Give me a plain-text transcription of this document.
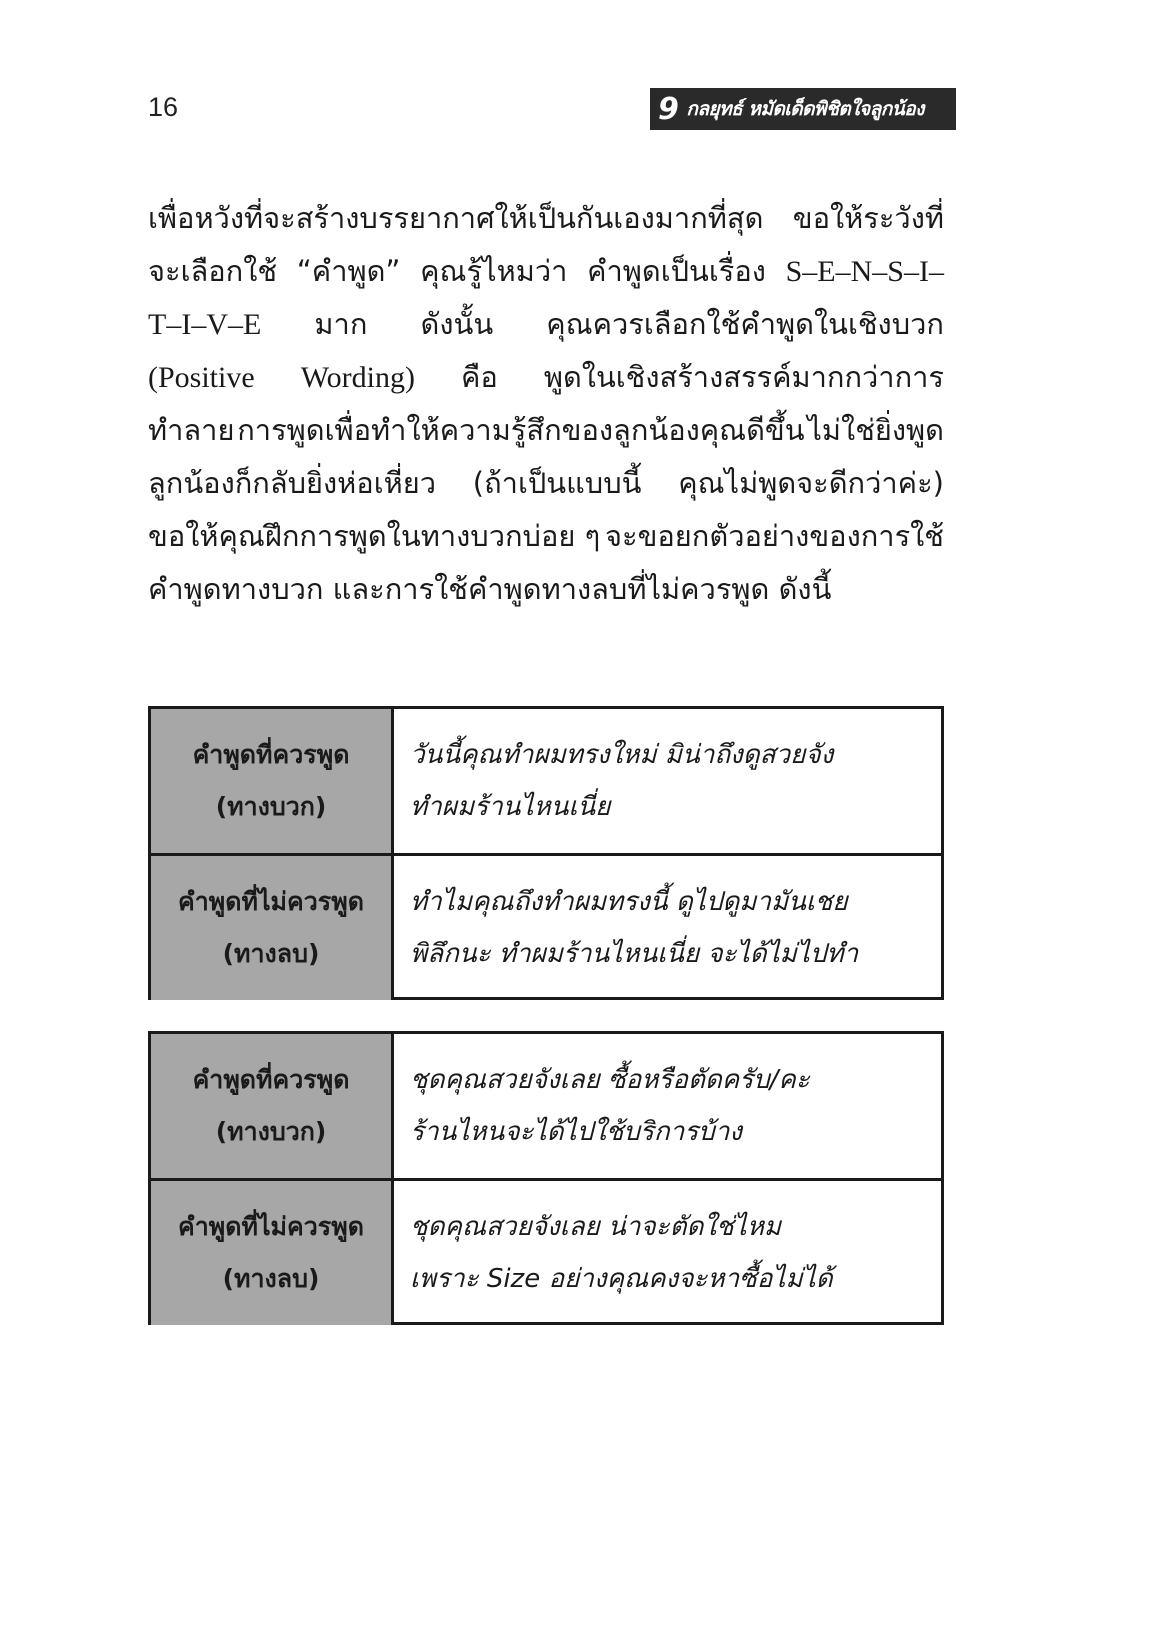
16	9 กลยุทธ์ หมัดเด็ดพิชิตใจลูกน้อง
เพื่อหวังที่จะสร้างบรรยากาศให้เป็นกันเองมากที่สุด ขอให้ระวังที่
จะเลือกใช้ “คำพูด” คุณรู้ไหมว่า คำพูดเป็นเรื่อง S–E–N–S–I–
T–I–V–E มาก ดังนั้น คุณควรเลือกใช้คำพูดในเชิงบวก
(Positive Wording) คือ พูดในเชิงสร้างสรรค์มากกว่าการ
ทำลาย การพูดเพื่อทำให้ความรู้สึกของลูกน้องคุณดีขึ้น ไม่ใช่ยิ่งพูด
ลูกน้องก็กลับยิ่งห่อเหี่ยว (ถ้าเป็นแบบนี้ คุณไม่พูดจะดีกว่าค่ะ)
ขอให้คุณฝึกการพูดในทางบวกบ่อย ๆ จะขอยกตัวอย่างของการใช้
คำพูดทางบวก และการใช้คำพูดทางลบที่ไม่ควรพูด ดังนี้
คำพูดที่ควรพูด
(ทางบวก)
วันนี้คุณทำผมทรงใหม่ มิน่าถึงดูสวยจัง
ทำผมร้านไหนเนี่ย
คำพูดที่ไม่ควรพูด
(ทางลบ)
ทำไมคุณถึงทำผมทรงนี้ ดูไปดูมามันเชย
พิลึกนะ ทำผมร้านไหนเนี่ย จะได้ไม่ไปทำ
คำพูดที่ควรพูด
(ทางบวก)
ชุดคุณสวยจังเลย ซื้อหรือตัดครับ/คะ
ร้านไหนจะได้ไปใช้บริการบ้าง
คำพูดที่ไม่ควรพูด
(ทางลบ)
ชุดคุณสวยจังเลย น่าจะตัดใช่ไหม
เพราะ Size อย่างคุณคงจะหาซื้อไม่ได้
